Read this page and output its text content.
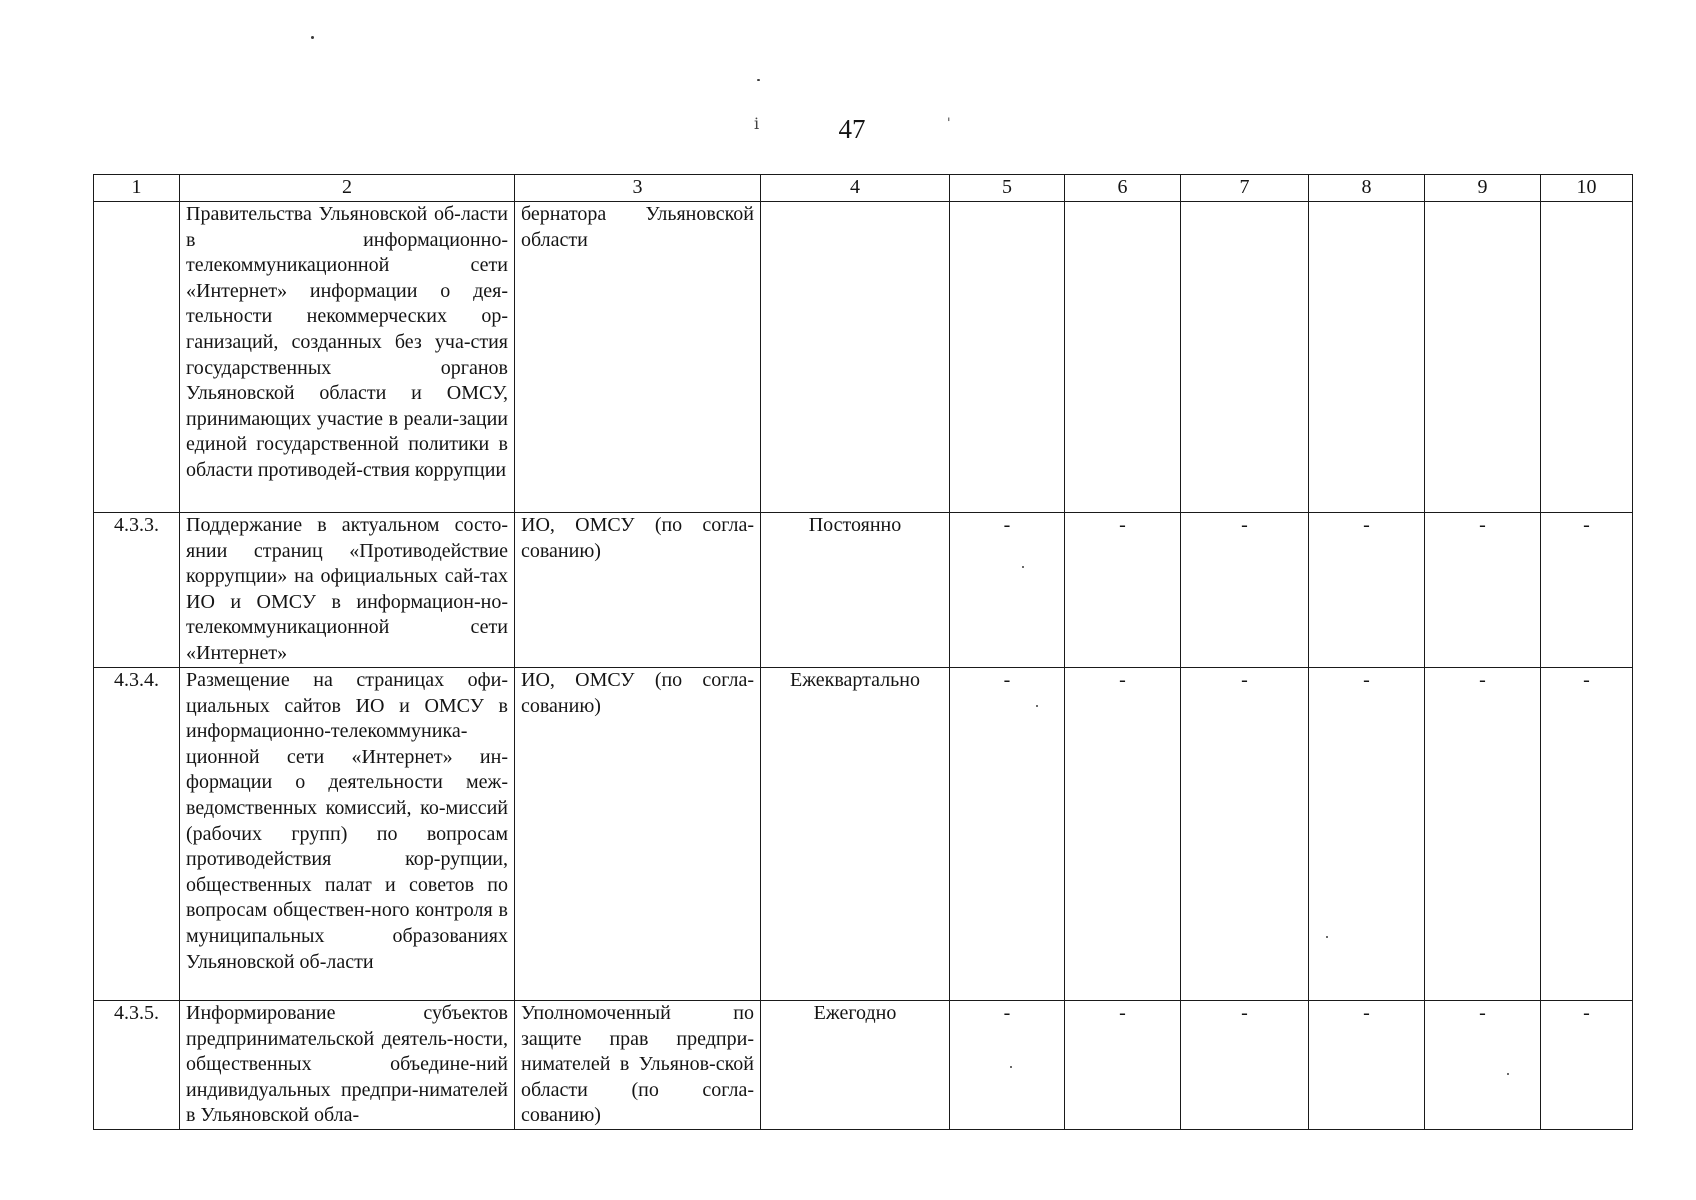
ⅰ	'
47
1	2	3	4	5	6	7	8	9	10
	Правительства Ульяновской об-ласти в информационно-телекоммуникационной сети «Интернет» информации о дея-тельности некоммерческих ор-ганизаций, созданных без уча-стия государственных органов Ульяновской области и ОМСУ, принимающих участие в реали-зации единой государственной политики в области противодей-ствия коррупции	бернатора Ульяновской области							
4.3.3.	Поддержание в актуальном состо-янии страниц «Противодействие коррупции» на официальных сай-тах ИО и ОМСУ в информацион-но-телекоммуникационной сети «Интернет»	ИО, ОМСУ (по согла-сованию)	Постоянно	-	-	-	-	-	-
4.3.4.	Размещение на страницах офи-циальных сайтов ИО и ОМСУ в информационно-телекоммуника-ционной сети «Интернет» ин-формации о деятельности меж-ведомственных комиссий, ко-миссий (рабочих групп) по вопросам противодействия кор-рупции, общественных палат и советов по вопросам обществен-ного контроля в муниципальных образованиях Ульяновской об-ласти	ИО, ОМСУ (по согла-сованию)	Ежеквартально	-	-	-	-	-	-
4.3.5.	Информирование субъектов предпринимательской деятель-ности, общественных объедине-ний индивидуальных предпри-нимателей в Ульяновской обла-	Уполномоченный по защите прав предпри-нимателей в Ульянов-ской области (по согла-сованию)	Ежегодно	-	-	-	-	-	-
